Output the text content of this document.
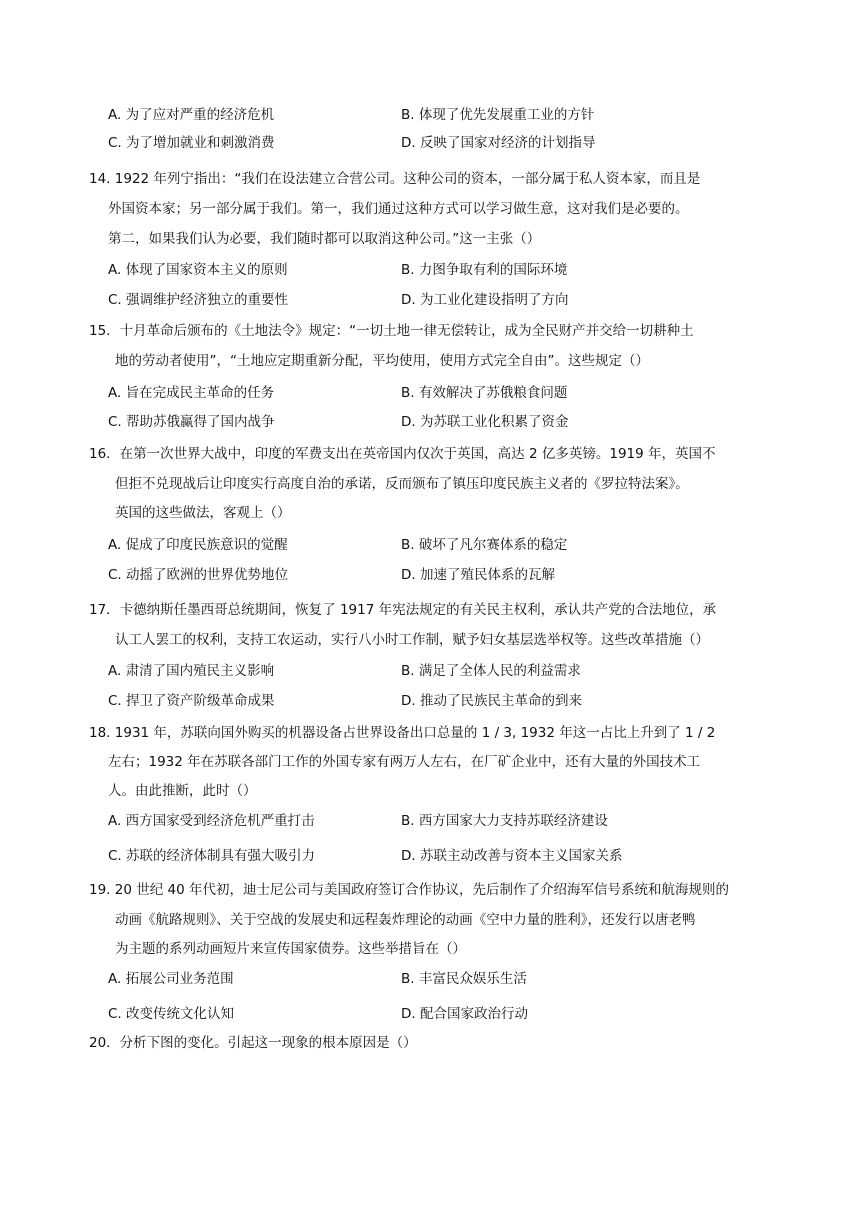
A. 为了应对严重的经济危机	B. 体现了优先发展重工业的方针
C. 为了增加就业和刺激消费	D. 反映了国家对经济的计划指导
14. 1922 年列宁指出：“我们在设法建立合营公司。这种公司的资本，一部分属于私人资本家，而且是
外国资本家；另一部分属于我们。第一，我们通过这种方式可以学习做生意，这对我们是必要的。
第二，如果我们认为必要，我们随时都可以取消这种公司。”这一主张（）
A. 体现了国家资本主义的原则	B. 力图争取有利的国际环境
C. 强调维护经济独立的重要性	D. 为工业化建设指明了方向
15．十月革命后颁布的《土地法令》规定：“一切土地一律无偿转让，成为全民财产并交给一切耕种土
地的劳动者使用”，“土地应定期重新分配，平均使用，使用方式完全自由”。这些规定（）
A. 旨在完成民主革命的任务	B. 有效解决了苏俄粮食问题
C. 帮助苏俄赢得了国内战争	D. 为苏联工业化积累了资金
16．在第一次世界大战中，印度的军费支出在英帝国内仅次于英国，高达 2 亿多英镑。1919 年，英国不
但拒不兑现战后让印度实行高度自治的承诺，反而颁布了镇压印度民族主义者的《罗拉特法案》。
英国的这些做法，客观上（）
A. 促成了印度民族意识的觉醒	B. 破坏了凡尔赛体系的稳定
C. 动摇了欧洲的世界优势地位	D. 加速了殖民体系的瓦解
17．卡德纳斯任墨西哥总统期间，恢复了 1917 年宪法规定的有关民主权利，承认共产党的合法地位，承
认工人罢工的权利，支持工农运动，实行八小时工作制，赋予妇女基层选举权等。这些改革措施（）
A. 肃清了国内殖民主义影响	B. 满足了全体人民的利益需求
C. 捍卫了资产阶级革命成果	D. 推动了民族民主革命的到来
18. 1931 年，苏联向国外购买的机器设备占世界设备出口总量的 1 / 3, 1932 年这一占比上升到了 1 / 2
左右；1932 年在苏联各部门工作的外国专家有两万人左右，在厂矿企业中，还有大量的外国技术工
人。由此推断，此时（）
A. 西方国家受到经济危机严重打击	B. 西方国家大力支持苏联经济建设
C. 苏联的经济体制具有强大吸引力	D. 苏联主动改善与资本主义国家关系
19. 20 世纪 40 年代初，迪士尼公司与美国政府签订合作协议，先后制作了介绍海军信号系统和航海规则的
动画《航路规则》、关于空战的发展史和远程轰炸理论的动画《空中力量的胜利》，还发行以唐老鸭
为主题的系列动画短片来宣传国家债券。这些举措旨在（）
A. 拓展公司业务范围	B. 丰富民众娱乐生活
C. 改变传统文化认知	D. 配合国家政治行动
20．分析下图的变化。引起这一现象的根本原因是（）
